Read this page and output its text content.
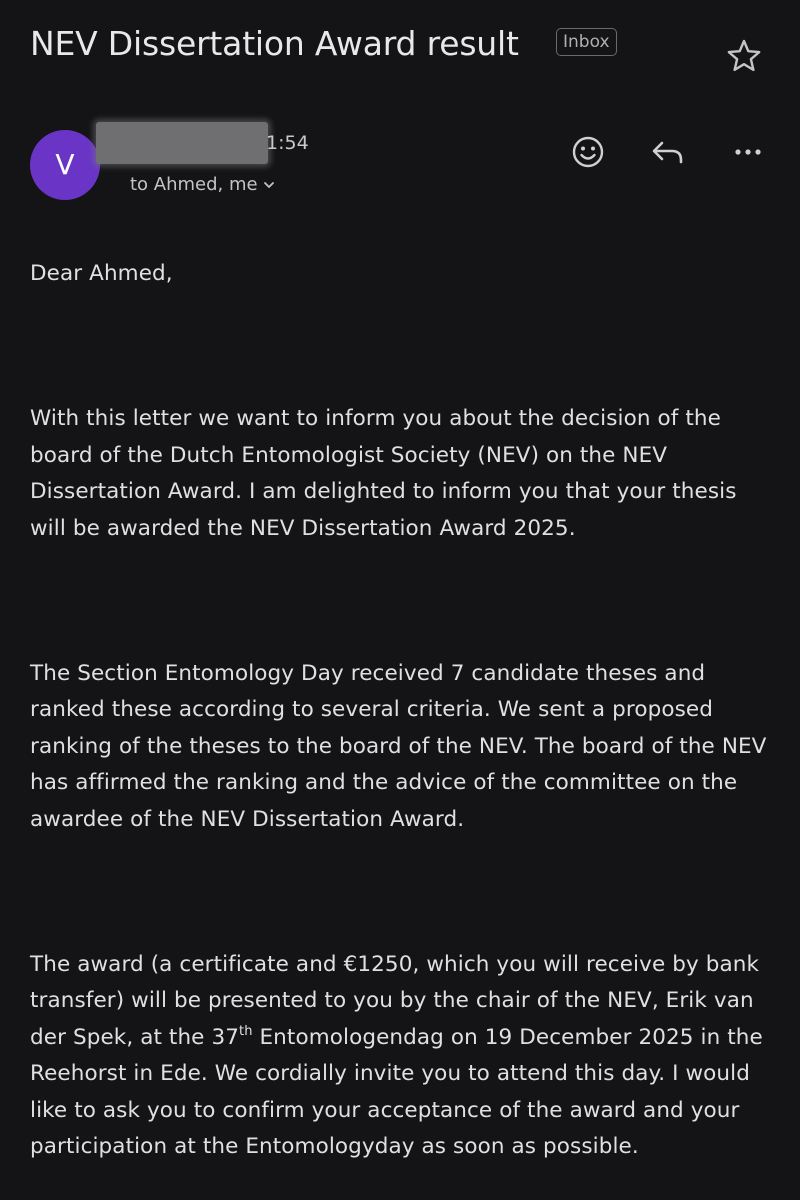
NEV Dissertation Award result	Inbox
V
1:54
to Ahmed, me

Dear Ahmed,

With this letter we want to inform you about the decision of the board of the Dutch Entomologist Society (NEV) on the NEV Dissertation Award. I am delighted to inform you that your thesis will be awarded the NEV Dissertation Award 2025.

The Section Entomology Day received 7 candidate theses and ranked these according to several criteria. We sent a proposed ranking of the theses to the board of the NEV. The board of the NEV has affirmed the ranking and the advice of the committee on the awardee of the NEV Dissertation Award.

The award (a certificate and €1250, which you will receive by bank transfer) will be presented to you by the chair of the NEV, Erik van der Spek, at the 37th Entomologendag on 19 December 2025 in the Reehorst in Ede. We cordially invite you to attend this day. I would like to ask you to confirm your acceptance of the award and your participation at the Entomologyday as soon as possible.
